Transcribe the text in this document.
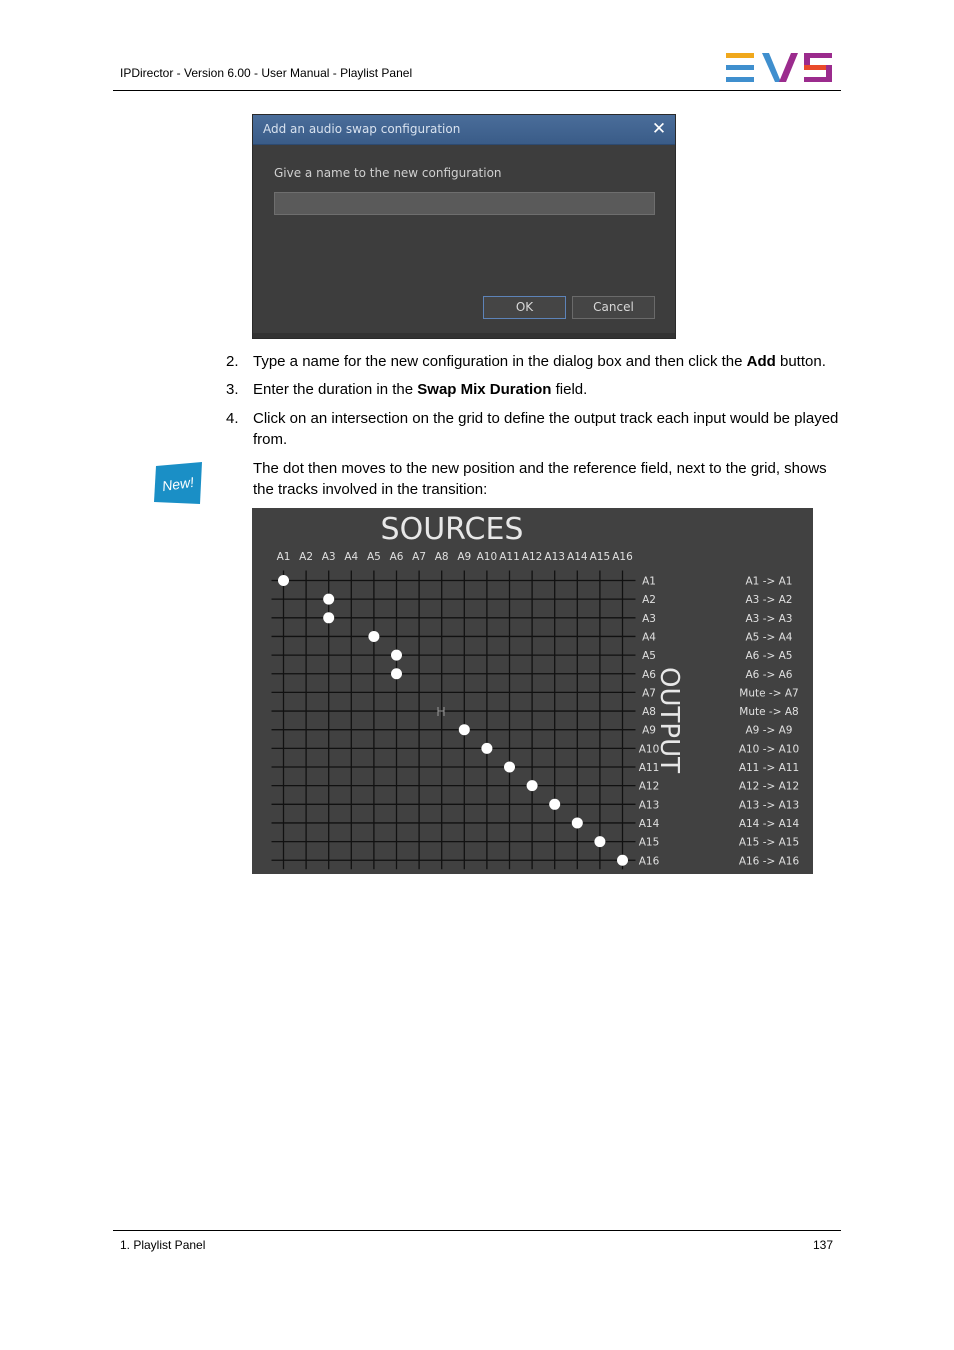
IPDirector - Version 6.00 - User Manual - Playlist Panel
Add an audio swap configuration	✕
Give a name to the new configuration
OK	Cancel
2. Type a name for the new configuration in the dialog box and then click the Add button.
3. Enter the duration in the Swap Mix Duration field.
4. Click on an intersection on the grid to define the output track each input would be played from.
New!
The dot then moves to the new position and the reference field, next to the grid, shows the tracks involved in the transition:
SOURCES
A1 A2 A3 A4 A5 A6 A7 A8 A9 A10 A11 A12 A13 A14 A15 A16
A1	A1 -> A1
A2	A3 -> A2
A3	A3 -> A3
A4	A5 -> A4
A5	A6 -> A5
A6	A6 -> A6
A7	Mute -> A7
A8	Mute -> A8
A9	A9 -> A9
A10	A10 -> A10
A11	A11 -> A11
A12	A12 -> A12
A13	A13 -> A13
A14	A14 -> A14
A15	A15 -> A15
A16	A16 -> A16
OUTPUT
1. Playlist Panel	137
